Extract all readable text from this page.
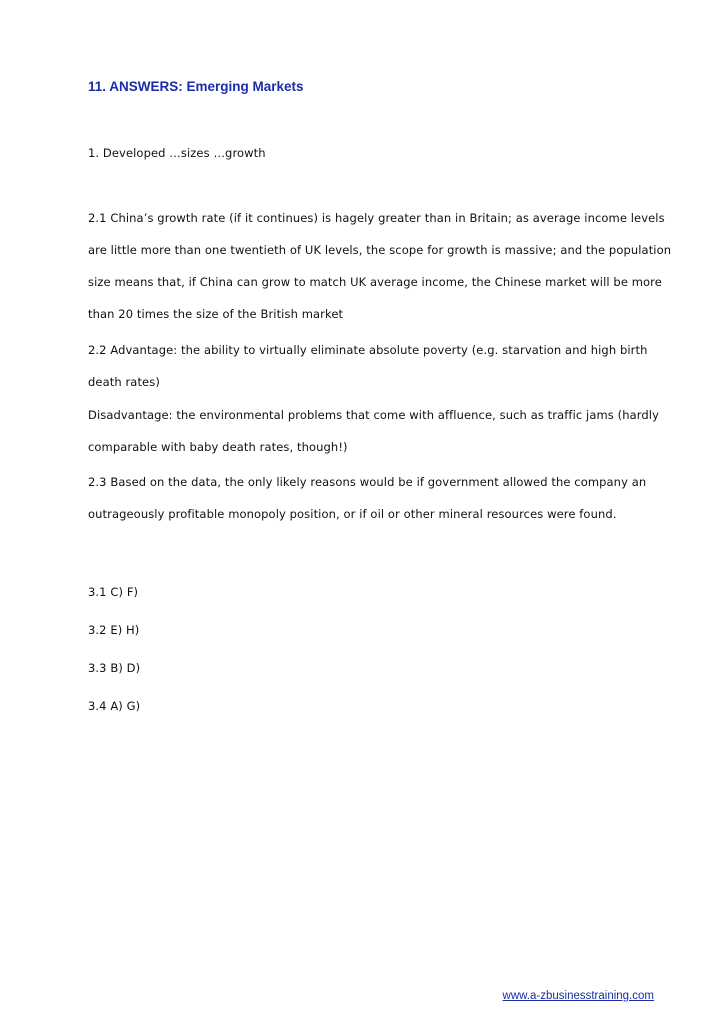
11. ANSWERS: Emerging Markets

1. Developed …sizes …growth

2.1 China’s growth rate (if it continues) is hagely greater than in Britain; as average income levels are little more than one twentieth of UK levels, the scope for growth is massive; and the population size means that, if China can grow to match UK average income, the Chinese market will be more than 20 times the size of the British market

2.2 Advantage: the ability to virtually eliminate absolute poverty (e.g. starvation and high birth death rates)

Disadvantage: the environmental problems that come with affluence, such as traffic jams (hardly comparable with baby death rates, though!)

2.3 Based on the data, the only likely reasons would be if government allowed the company an outrageously profitable monopoly position, or if oil or other mineral resources were found.

3.1 C) F)

3.2 E) H)

3.3 B) D)

3.4 A) G)

www.a-zbusinesstraining.com
